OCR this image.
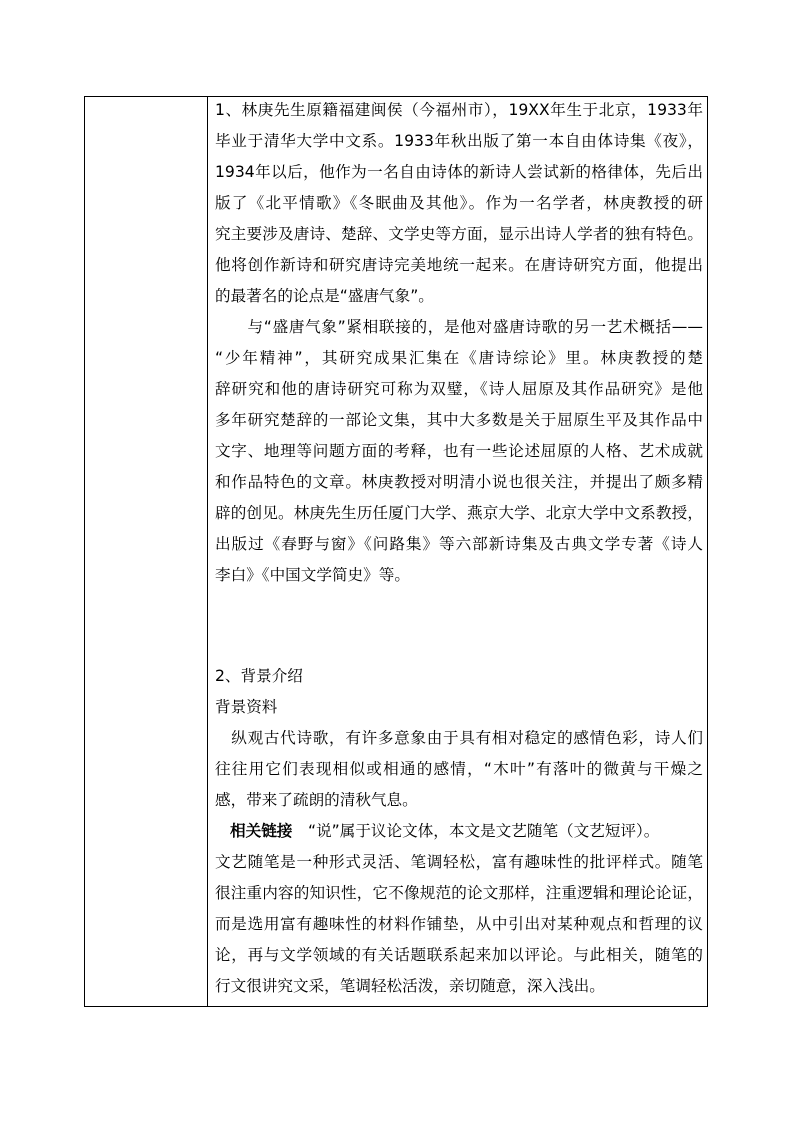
1、林庚先生原籍福建闽侯（今福州市），19XX年生于北京，1933年
毕业于清华大学中文系。1933年秋出版了第一本自由体诗集《夜》，
1934年以后，他作为一名自由诗体的新诗人尝试新的格律体，先后出
版了《北平情歌》《冬眠曲及其他》。作为一名学者，林庚教授的研
究主要涉及唐诗、楚辞、文学史等方面，显示出诗人学者的独有特色。
他将创作新诗和研究唐诗完美地统一起来。在唐诗研究方面，他提出
的最著名的论点是“盛唐气象”。
　　与“盛唐气象”紧相联接的，是他对盛唐诗歌的另一艺术概括——
“少年精神”，其研究成果汇集在《唐诗综论》里。林庚教授的楚
辞研究和他的唐诗研究可称为双璧，《诗人屈原及其作品研究》是他
多年研究楚辞的一部论文集，其中大多数是关于屈原生平及其作品中
文字、地理等问题方面的考释，也有一些论述屈原的人格、艺术成就
和作品特色的文章。林庚教授对明清小说也很关注，并提出了颇多精
辟的创见。林庚先生历任厦门大学、燕京大学、北京大学中文系教授，
出版过《春野与窗》《问路集》等六部新诗集及古典文学专著《诗人
李白》《中国文学简史》等。
2、背景介绍
背景资料
　纵观古代诗歌，有许多意象由于具有相对稳定的感情色彩，诗人们
往往用它们表现相似或相通的感情，“木叶”有落叶的微黄与干燥之
感，带来了疏朗的清秋气息。
相关链接　“说”属于议论文体，本文是文艺随笔（文艺短评）。
文艺随笔是一种形式灵活、笔调轻松，富有趣味性的批评样式。随笔
很注重内容的知识性，它不像规范的论文那样，注重逻辑和理论论证，
而是选用富有趣味性的材料作铺垫，从中引出对某种观点和哲理的议
论，再与文学领域的有关话题联系起来加以评论。与此相关，随笔的
行文很讲究文采，笔调轻松活泼，亲切随意，深入浅出。
